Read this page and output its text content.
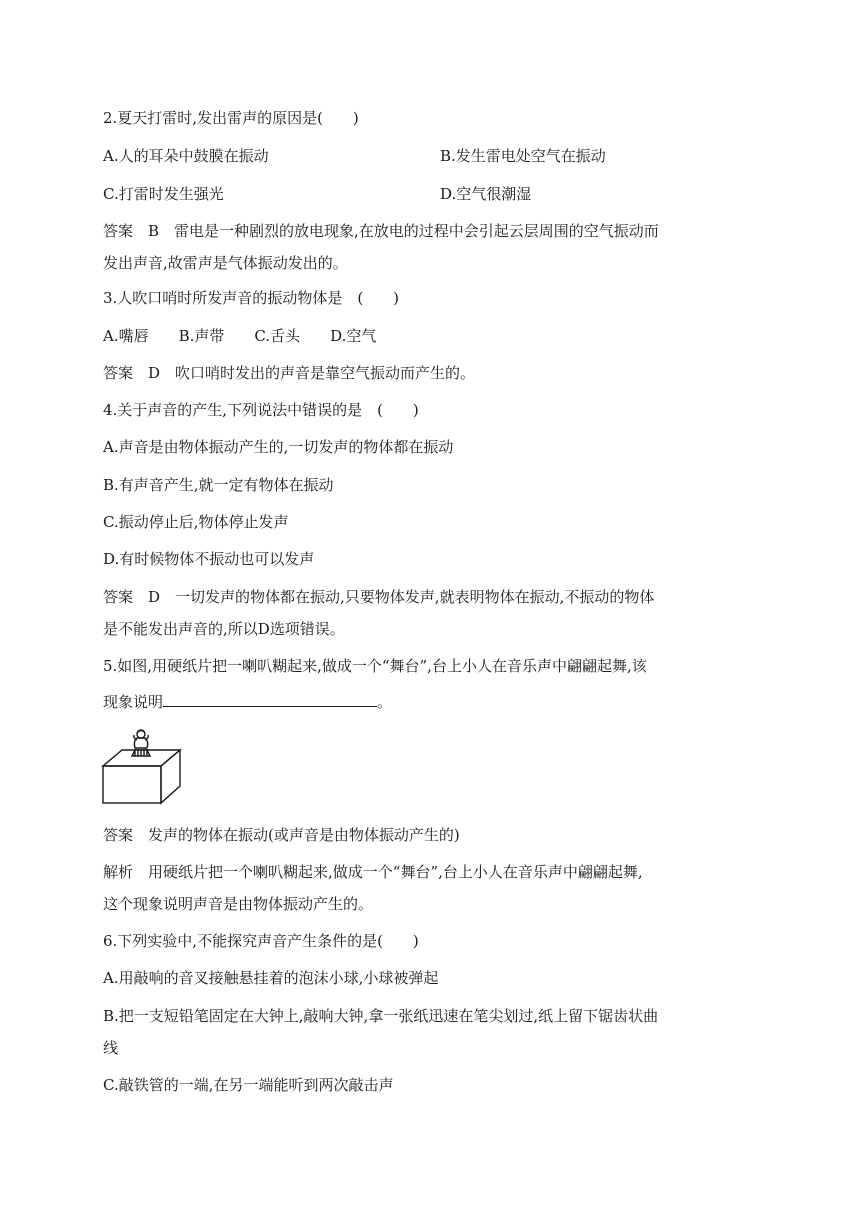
2.夏天打雷时,发出雷声的原因是(　　)
A.人的耳朵中鼓膜在振动	B.发生雷电处空气在振动
C.打雷时发生强光	D.空气很潮湿
答案　B　雷电是一种剧烈的放电现象,在放电的过程中会引起云层周围的空气振动而
发出声音,故雷声是气体振动发出的。
3.人吹口哨时所发声音的振动物体是　(　　)
A.嘴唇　　B.声带　　C.舌头　　D.空气
答案　D　吹口哨时发出的声音是靠空气振动而产生的。
4.关于声音的产生,下列说法中错误的是　(　　)
A.声音是由物体振动产生的,一切发声的物体都在振动
B.有声音产生,就一定有物体在振动
C.振动停止后,物体停止发声
D.有时候物体不振动也可以发声
答案　D　一切发声的物体都在振动,只要物体发声,就表明物体在振动,不振动的物体
是不能发出声音的,所以D选项错误。
5.如图,用硬纸片把一喇叭糊起来,做成一个“舞台”,台上小人在音乐声中翩翩起舞,该
现象说明	。
答案　发声的物体在振动(或声音是由物体振动产生的)
解析　用硬纸片把一个喇叭糊起来,做成一个“舞台”,台上小人在音乐声中翩翩起舞,
这个现象说明声音是由物体振动产生的。
6.下列实验中,不能探究声音产生条件的是(　　)
A.用敲响的音叉接触悬挂着的泡沫小球,小球被弹起
B.把一支短铅笔固定在大钟上,敲响大钟,拿一张纸迅速在笔尖划过,纸上留下锯齿状曲
线
C.敲铁管的一端,在另一端能听到两次敲击声
